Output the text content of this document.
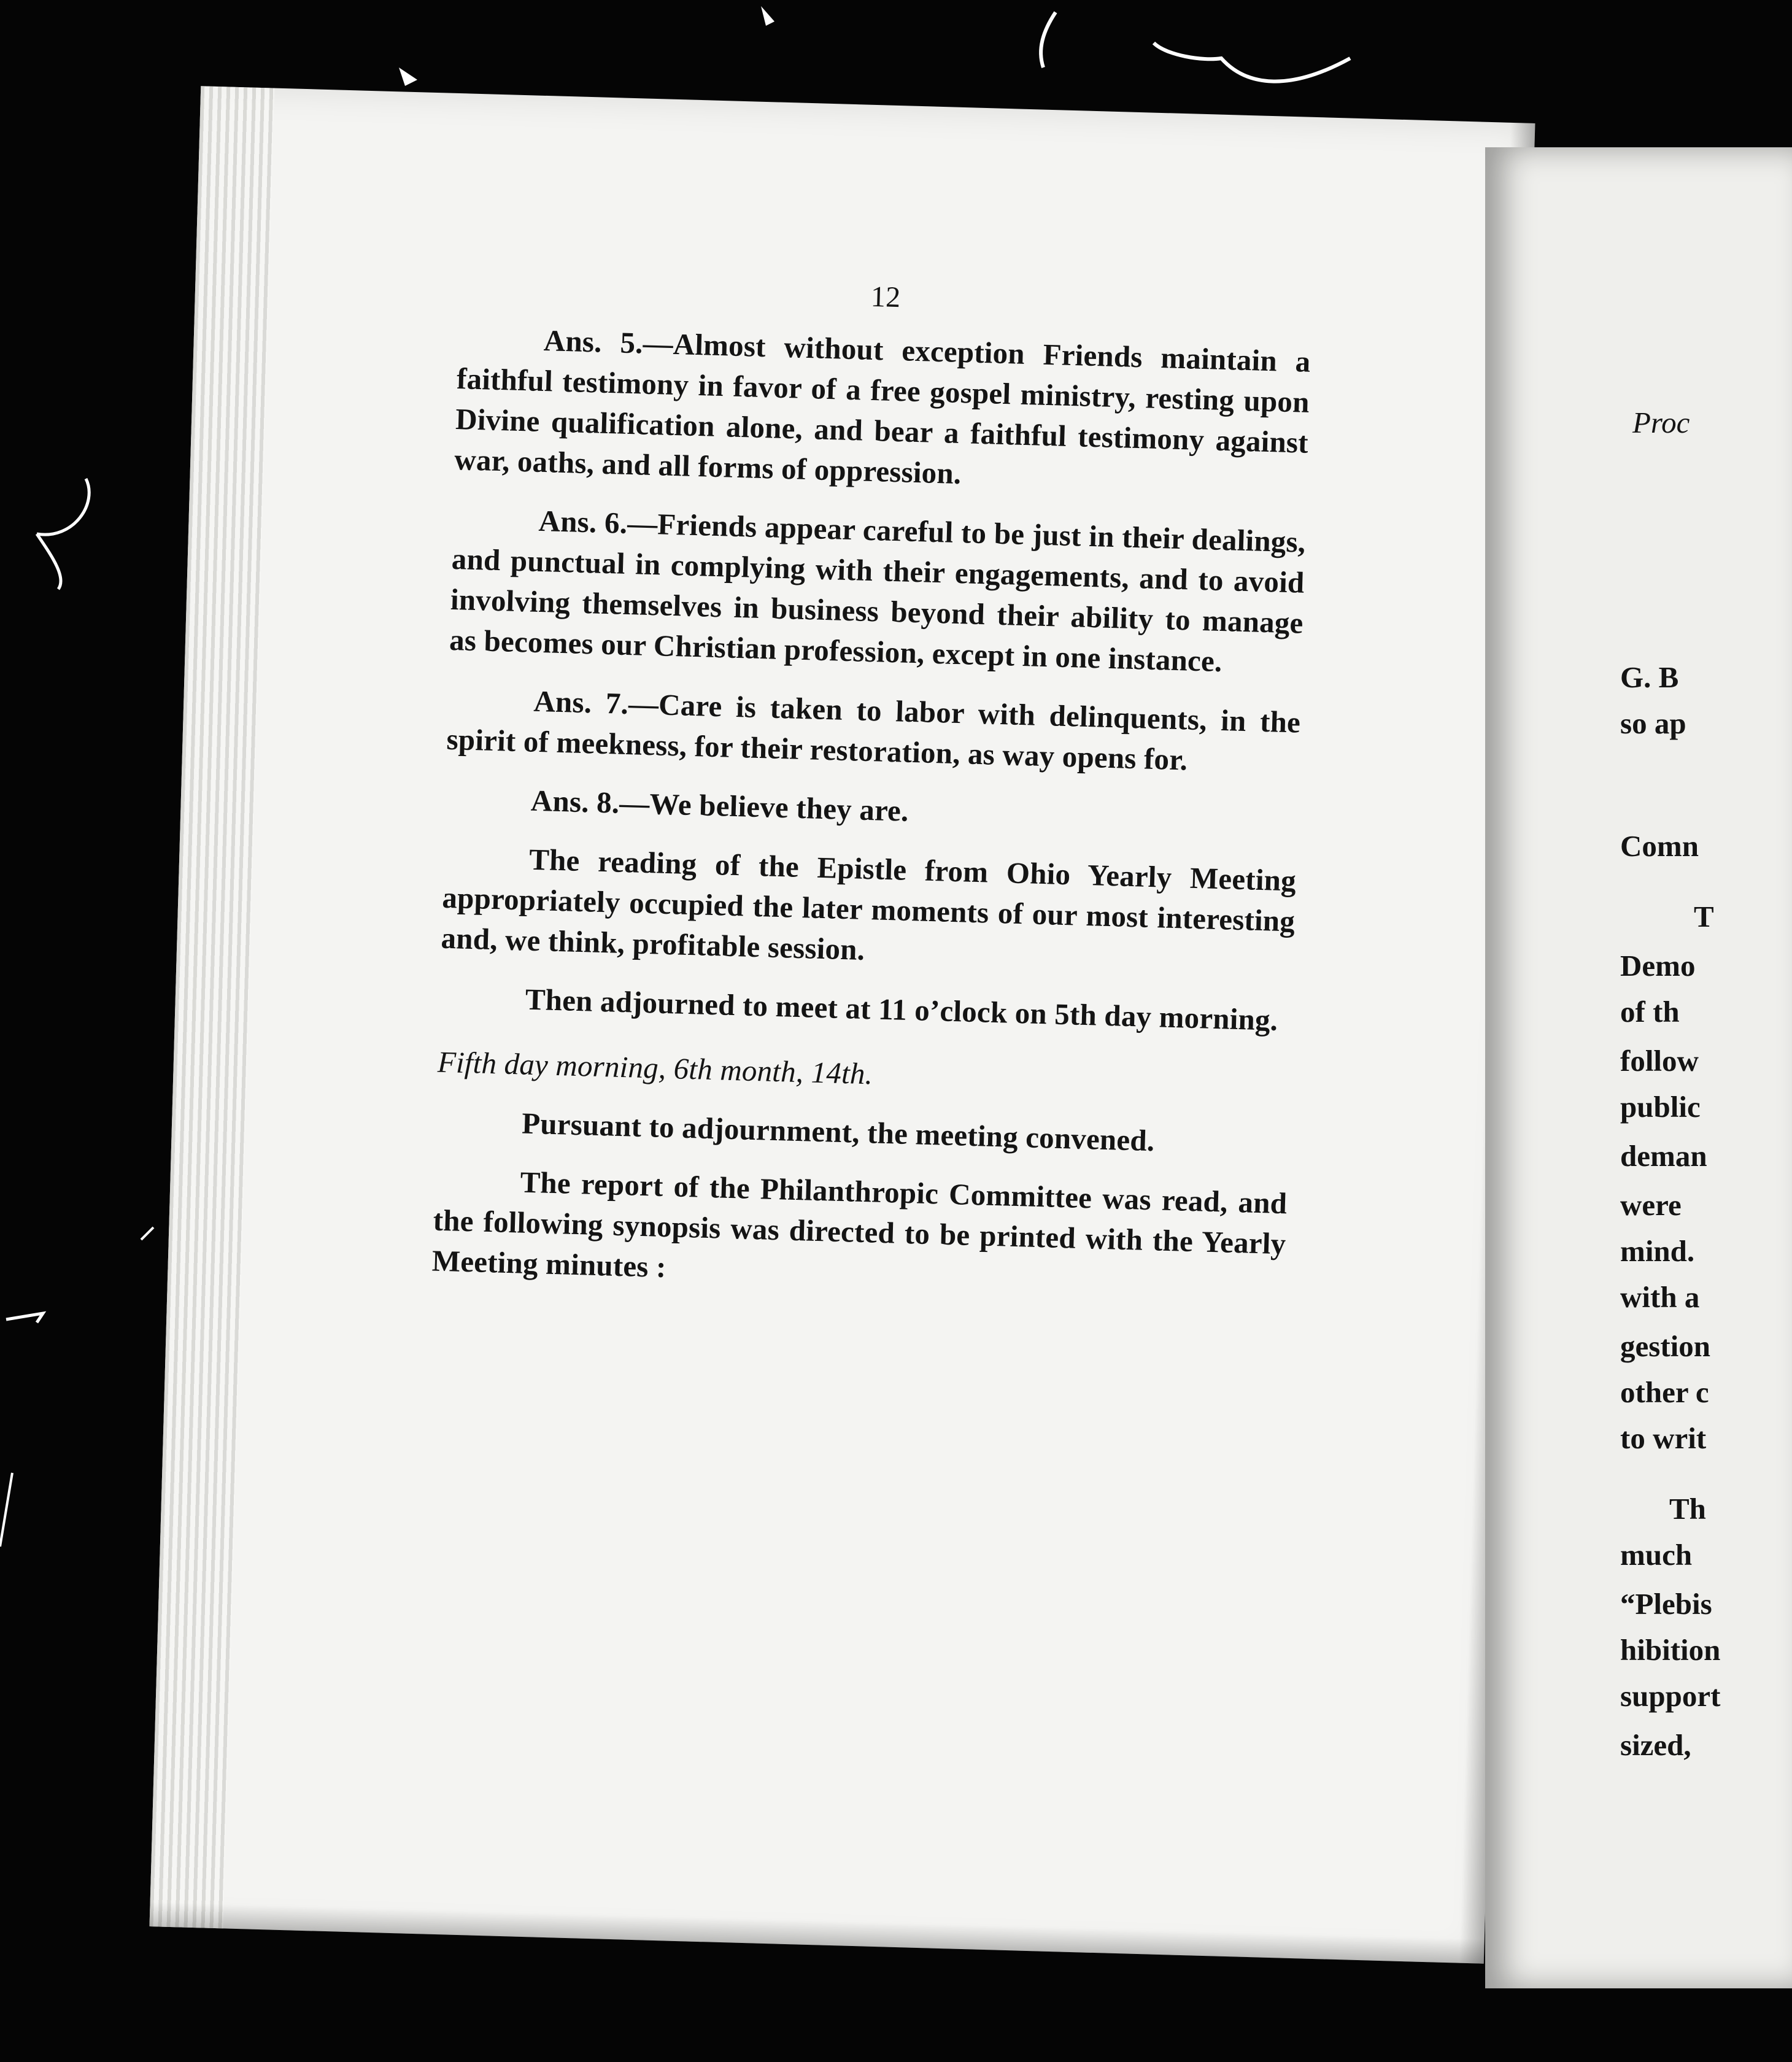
12

Ans. 5.—Almost without exception Friends maintain a faithful testimony in favor of a free gospel ministry, resting upon Divine qualification alone, and bear a faithful testimony against war, oaths, and all forms of oppression.

Ans. 6.—Friends appear careful to be just in their dealings, and punctual in complying with their engagements, and to avoid involving themselves in business beyond their ability to manage as becomes our Christian profession, except in one instance.

Ans. 7.—Care is taken to labor with delinquents, in the spirit of meekness, for their restoration, as way opens for.

Ans. 8.—We believe they are.

The reading of the Epistle from Ohio Yearly Meeting appropriately occupied the later moments of our most interesting and, we think, profitable session.

Then adjourned to meet at 11 o’clock on 5th day morning.

Fifth day morning, 6th month, 14th.

Pursuant to adjournment, the meeting convened.

The report of the Philanthropic Committee was read, and the following synopsis was directed to be printed with the Yearly Meeting minutes :

Proc
G. B
so ap
Comn
T
Demo
of th
follow
public
deman
were
mind.
with a
gestion
other c
to writ
Th
much
“Plebis
hibition
support
sized,
